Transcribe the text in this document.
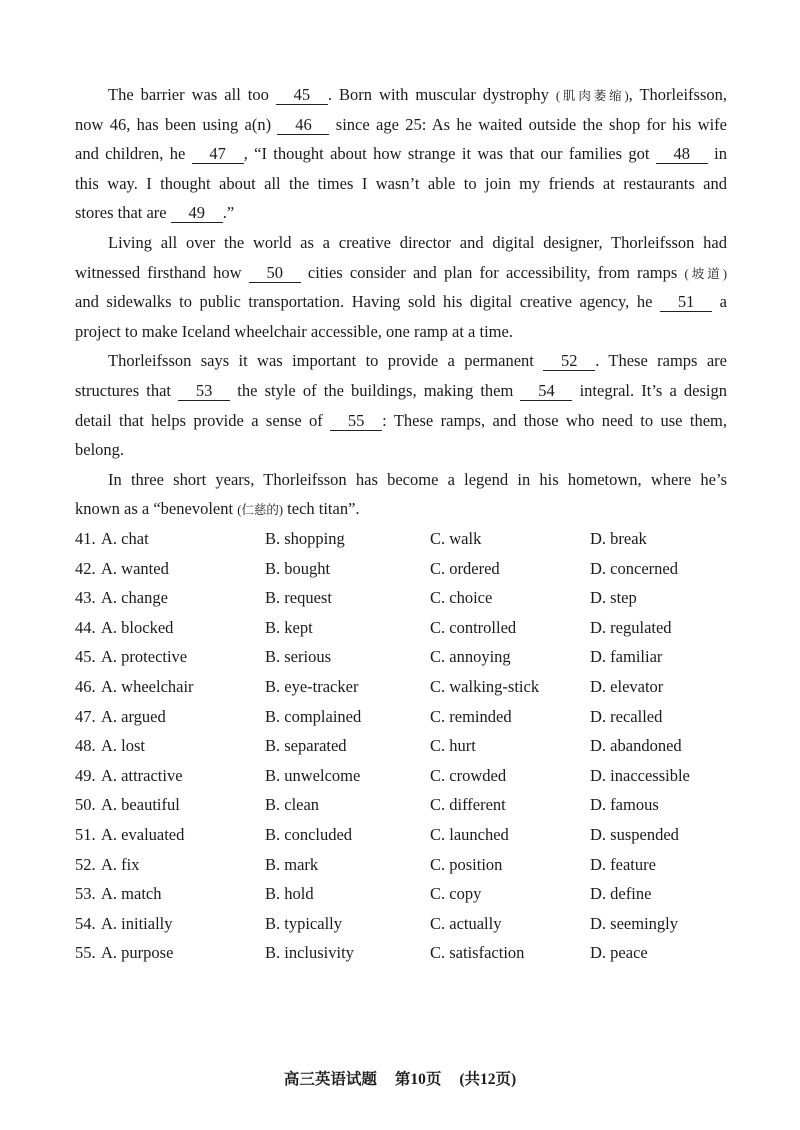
The barrier was all too 45 . Born with muscular dystrophy (肌肉萎缩), Thorleifsson,
now 46, has been using a(n) 46 since age 25: As he waited outside the shop for his wife
and children, he 47 , “I thought about how strange it was that our families got 48 in
this way. I thought about all the times I wasn’t able to join my friends at restaurants and
stores that are 49 .”
Living all over the world as a creative director and digital designer, Thorleifsson had
witnessed firsthand how 50 cities consider and plan for accessibility, from ramps (坡道)
and sidewalks to public transportation. Having sold his digital creative agency, he 51 a
project to make Iceland wheelchair accessible, one ramp at a time.
Thorleifsson says it was important to provide a permanent 52 . These ramps are
structures that 53 the style of the buildings, making them 54 integral. It’s a design
detail that helps provide a sense of 55 : These ramps, and those who need to use them,
belong.
In three short years, Thorleifsson has become a legend in his hometown, where he’s
known as a “benevolent (仁慈的) tech titan”.
41. A. chat	B. shopping	C. walk	D. break
42. A. wanted	B. bought	C. ordered	D. concerned
43. A. change	B. request	C. choice	D. step
44. A. blocked	B. kept	C. controlled	D. regulated
45. A. protective	B. serious	C. annoying	D. familiar
46. A. wheelchair	B. eye-tracker	C. walking-stick	D. elevator
47. A. argued	B. complained	C. reminded	D. recalled
48. A. lost	B. separated	C. hurt	D. abandoned
49. A. attractive	B. unwelcome	C. crowded	D. inaccessible
50. A. beautiful	B. clean	C. different	D. famous
51. A. evaluated	B. concluded	C. launched	D. suspended
52. A. fix	B. mark	C. position	D. feature
53. A. match	B. hold	C. copy	D. define
54. A. initially	B. typically	C. actually	D. seemingly
55. A. purpose	B. inclusivity	C. satisfaction	D. peace
高三英语试题 第10页 (共12页)
